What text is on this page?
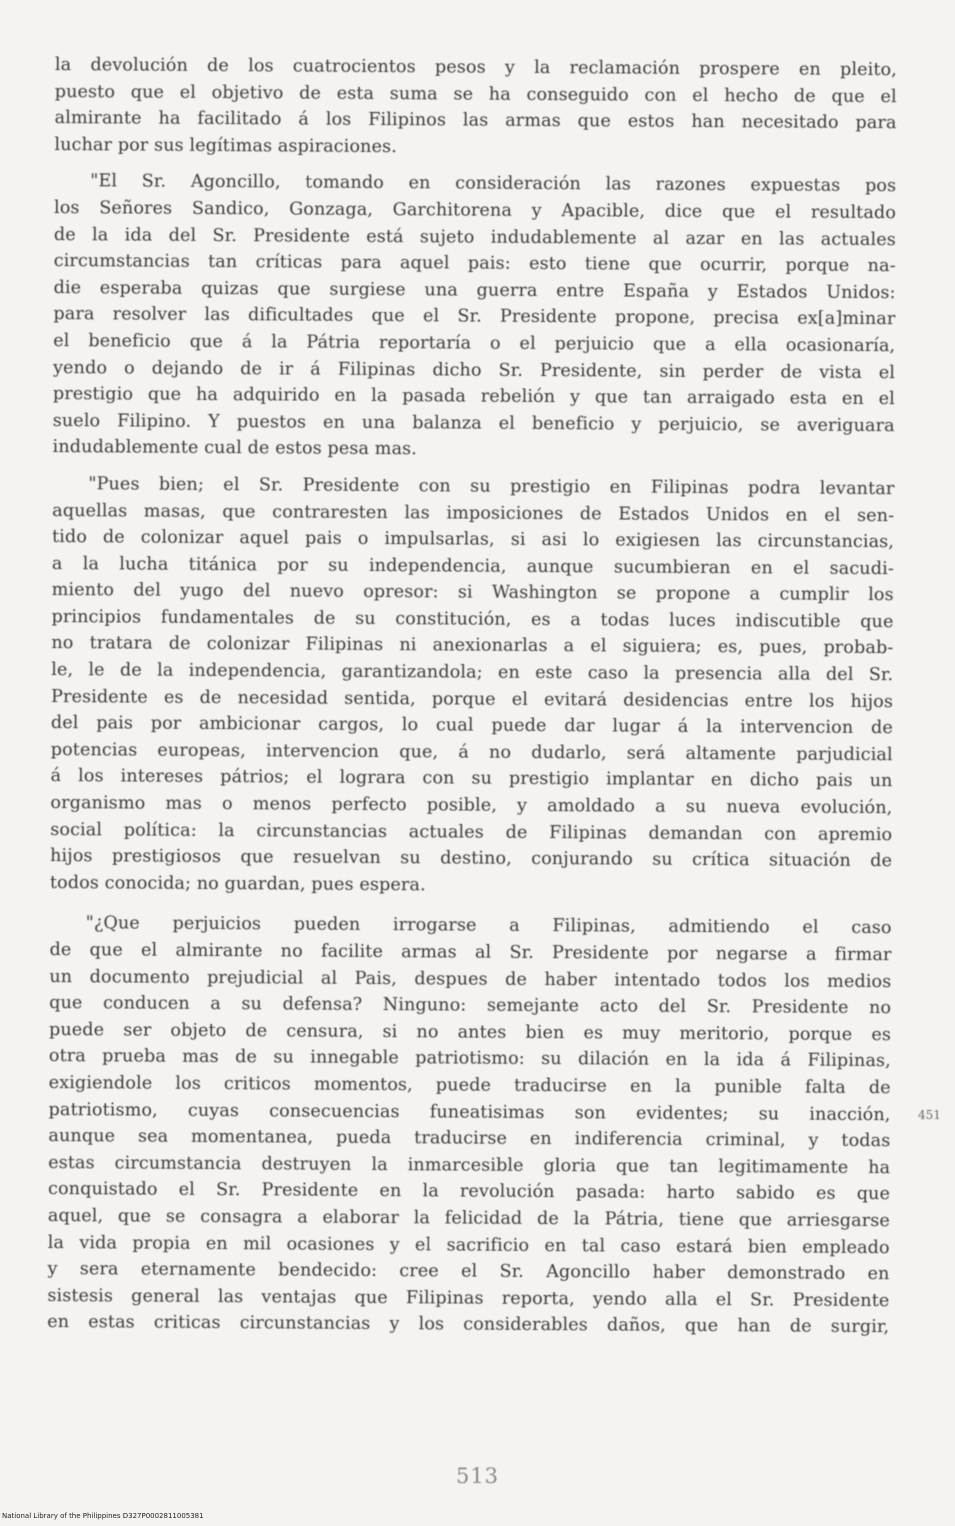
la devolución de los cuatrocientos pesos y la reclamación prospere en pleito,
puesto que el objetivo de esta suma se ha conseguido con el hecho de que el
almirante ha facilitado á los Filipinos las armas que estos han necesitado para
luchar por sus legítimas aspiraciones.
"El Sr. Agoncillo, tomando en consideración las razones expuestas pos
los Señores Sandico, Gonzaga, Garchitorena y Apacible, dice que el resultado
de la ida del Sr. Presidente está sujeto indudablemente al azar en las actuales
circumstancias tan críticas para aquel pais: esto tiene que ocurrir, porque na-
die esperaba quizas que surgiese una guerra entre España y Estados Unidos:
para resolver las dificultades que el Sr. Presidente propone, precisa ex[a]minar
el beneficio que á la Pátria reportaría o el perjuicio que a ella ocasionaría,
yendo o dejando de ir á Filipinas dicho Sr. Presidente, sin perder de vista el
prestigio que ha adquirido en la pasada rebelión y que tan arraigado esta en el
suelo Filipino. Y puestos en una balanza el beneficio y perjuicio, se averiguara
indudablemente cual de estos pesa mas.
"Pues bien; el Sr. Presidente con su prestigio en Filipinas podra levantar
aquellas masas, que contraresten las imposiciones de Estados Unidos en el sen-
tido de colonizar aquel pais o impulsarlas, si asi lo exigiesen las circunstancias,
a la lucha titánica por su independencia, aunque sucumbieran en el sacudi-
miento del yugo del nuevo opresor: si Washington se propone a cumplir los
principios fundamentales de su constitución, es a todas luces indiscutible que
no tratara de colonizar Filipinas ni anexionarlas a el siguiera; es, pues, probab-
le, le de la independencia, garantizandola; en este caso la presencia alla del Sr.
Presidente es de necesidad sentida, porque el evitará desidencias entre los hijos
del pais por ambicionar cargos, lo cual puede dar lugar á la intervencion de
potencias europeas, intervencion que, á no dudarlo, será altamente parjudicial
á los intereses pátrios; el lograra con su prestigio implantar en dicho pais un
organismo mas o menos perfecto posible, y amoldado a su nueva evolución,
social política: la circunstancias actuales de Filipinas demandan con apremio
hijos prestigiosos que resuelvan su destino, conjurando su crítica situación de
todos conocida; no guardan, pues espera.
"¿Que perjuicios pueden irrogarse a Filipinas, admitiendo el caso
de que el almirante no facilite armas al Sr. Presidente por negarse a firmar
un documento prejudicial al Pais, despues de haber intentado todos los medios
que conducen a su defensa? Ninguno: semejante acto del Sr. Presidente no
puede ser objeto de censura, si no antes bien es muy meritorio, porque es
otra prueba mas de su innegable patriotismo: su dilación en la ida á Filipinas,
exigiendole los criticos momentos, puede traducirse en la punible falta de
patriotismo, cuyas consecuencias funeatisimas son evidentes; su inacción,
aunque sea momentanea, pueda traducirse en indiferencia criminal, y todas
estas circumstancia destruyen la inmarcesible gloria que tan legitimamente ha
conquistado el Sr. Presidente en la revolución pasada: harto sabido es que
aquel, que se consagra a elaborar la felicidad de la Pátria, tiene que arriesgarse
la vida propia en mil ocasiones y el sacrificio en tal caso estará bien empleado
y sera eternamente bendecido: cree el Sr. Agoncillo haber demonstrado en
sistesis general las ventajas que Filipinas reporta, yendo alla el Sr. Presidente
en estas criticas circunstancias y los considerables daños, que han de surgir,
451
513
National Library of the Philippines D327P0002811005381
